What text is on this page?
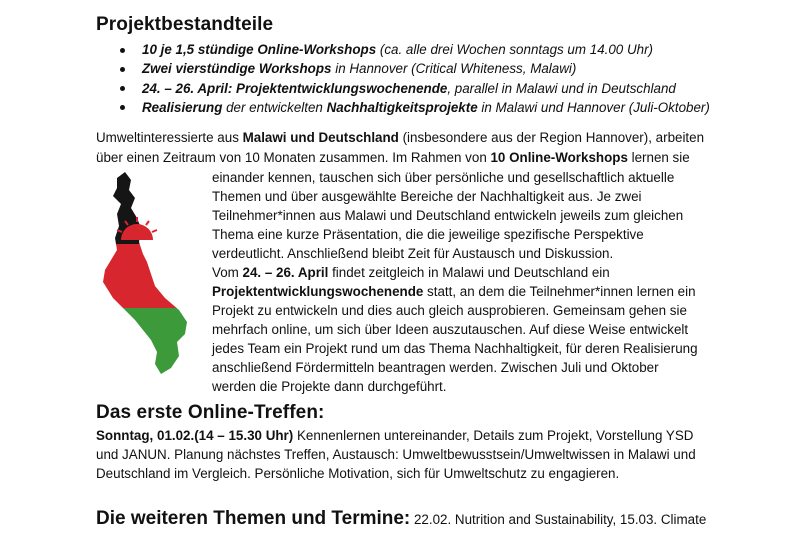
Projektbestandteile
10 je 1,5 stündige Online-Workshops (ca. alle drei Wochen sonntags um 14.00 Uhr)
Zwei vierstündige Workshops in Hannover (Critical Whiteness, Malawi)
24. – 26. April: Projektentwicklungswochenende, parallel in Malawi und in Deutschland
Realisierung der entwickelten Nachhaltigkeitsprojekte in Malawi und Hannover (Juli-Oktober)
Umweltinteressierte aus Malawi und Deutschland (insbesondere aus der Region Hannover), arbeiten
über einen Zeitraum von 10 Monaten zusammen. Im Rahmen von 10 Online-Workshops lernen sie
einander kennen, tauschen sich über persönliche und gesellschaftlich aktuelle
Themen und über ausgewählte Bereiche der Nachhaltigkeit aus. Je zwei
Teilnehmer*innen aus Malawi und Deutschland entwickeln jeweils zum gleichen
Thema eine kurze Präsentation, die die jeweilige spezifische Perspektive
verdeutlicht. Anschließend bleibt Zeit für Austausch und Diskussion.
Vom 24. – 26. April findet zeitgleich in Malawi und Deutschland ein
Projektentwicklungswochenende statt, an dem die Teilnehmer*innen lernen ein
Projekt zu entwickeln und dies auch gleich ausprobieren. Gemeinsam gehen sie
mehrfach online, um sich über Ideen auszutauschen. Auf diese Weise entwickelt
jedes Team ein Projekt rund um das Thema Nachhaltigkeit, für deren Realisierung
anschließend Fördermitteln beantragen werden. Zwischen Juli und Oktober
werden die Projekte dann durchgeführt.
Das erste Online-Treffen:
Sonntag, 01.02.(14 – 15.30 Uhr) Kennenlernen untereinander, Details zum Projekt, Vorstellung YSD
und JANUN. Planung nächstes Treffen, Austausch: Umweltbewusstsein/Umweltwissen in Malawi und
Deutschland im Vergleich. Persönliche Motivation, sich für Umweltschutz zu engagieren.
Die weiteren Themen und Termine: 22.02. Nutrition and Sustainability, 15.03. Climate
